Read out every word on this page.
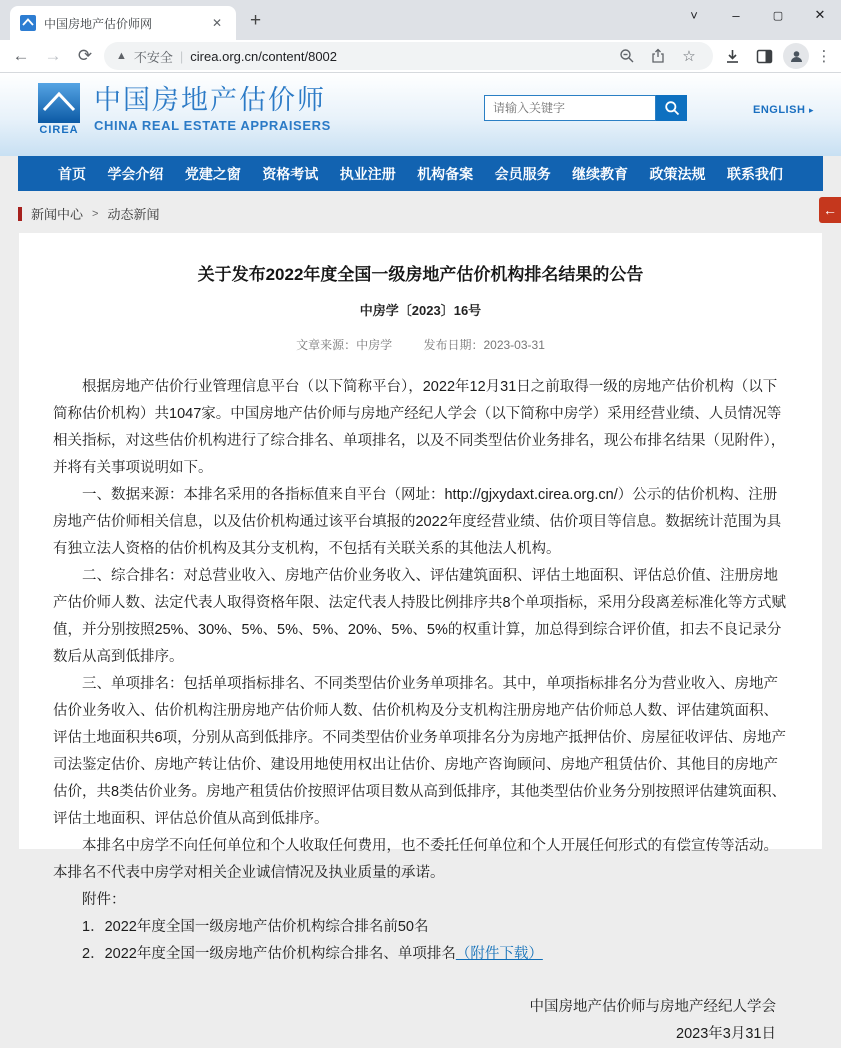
中国房地产估价师网	✕ +	˅	–	▢	✕
← → ⟳	▲ 不安全 | cirea.org.cn/content/8002	☆	⋮
CIREA
中国房地产估价师
CHINA REAL ESTATE APPRAISERS
请输入关键字
ENGLISH ▸
首页 学会介绍 党建之窗 资格考试 执业注册 机构备案 会员服务 继续教育 政策法规 联系我们
新闻中心 > 动态新闻	←
关于发布2022年度全国一级房地产估价机构排名结果的公告
中房学〔2023〕16号
文章来源：中房学	发布日期：2023-03-31

根据房地产估价行业管理信息平台（以下简称平台），2022年12月31日之前取得一级的房地产估价机构（以下简称估价机构）共1047家。中国房地产估价师与房地产经纪人学会（以下简称中房学）采用经营业绩、人员情况等相关指标，对这些估价机构进行了综合排名、单项排名，以及不同类型估价业务排名，现公布排名结果（见附件），并将有关事项说明如下。

一、数据来源：本排名采用的各指标值来自平台（网址：http://gjxydaxt.cirea.org.cn/）公示的估价机构、注册房地产估价师相关信息，以及估价机构通过该平台填报的2022年度经营业绩、估价项目等信息。数据统计范围为具有独立法人资格的估价机构及其分支机构，不包括有关联关系的其他法人机构。

二、综合排名：对总营业收入、房地产估价业务收入、评估建筑面积、评估土地面积、评估总价值、注册房地产估价师人数、法定代表人取得资格年限、法定代表人持股比例排序共8个单项指标，采用分段离差标准化等方式赋值，并分别按照25%、30%、5%、5%、5%、20%、5%、5%的权重计算，加总得到综合评价值，扣去不良记录分数后从高到低排序。

三、单项排名：包括单项指标排名、不同类型估价业务单项排名。其中，单项指标排名分为营业收入、房地产估价业务收入、估价机构注册房地产估价师人数、估价机构及分支机构注册房地产估价师总人数、评估建筑面积、评估土地面积共6项，分别从高到低排序。不同类型估价业务单项排名分为房地产抵押估价、房屋征收评估、房地产司法鉴定估价、房地产转让估价、建设用地使用权出让估价、房地产咨询顾问、房地产租赁估价、其他目的房地产估价，共8类估价业务。房地产租赁估价按照评估项目数从高到低排序，其他类型估价业务分别按照评估建筑面积、评估土地面积、评估总价值从高到低排序。

本排名中房学不向任何单位和个人收取任何费用，也不委托任何单位和个人开展任何形式的有偿宣传等活动。本排名不代表中房学对相关企业诚信情况及执业质量的承诺。

附件：

1．2022年度全国一级房地产估价机构综合排名前50名

2．2022年度全国一级房地产估价机构综合排名、单项排名（附件下载）

中国房地产估价师与房地产经纪人学会
2023年3月31日
